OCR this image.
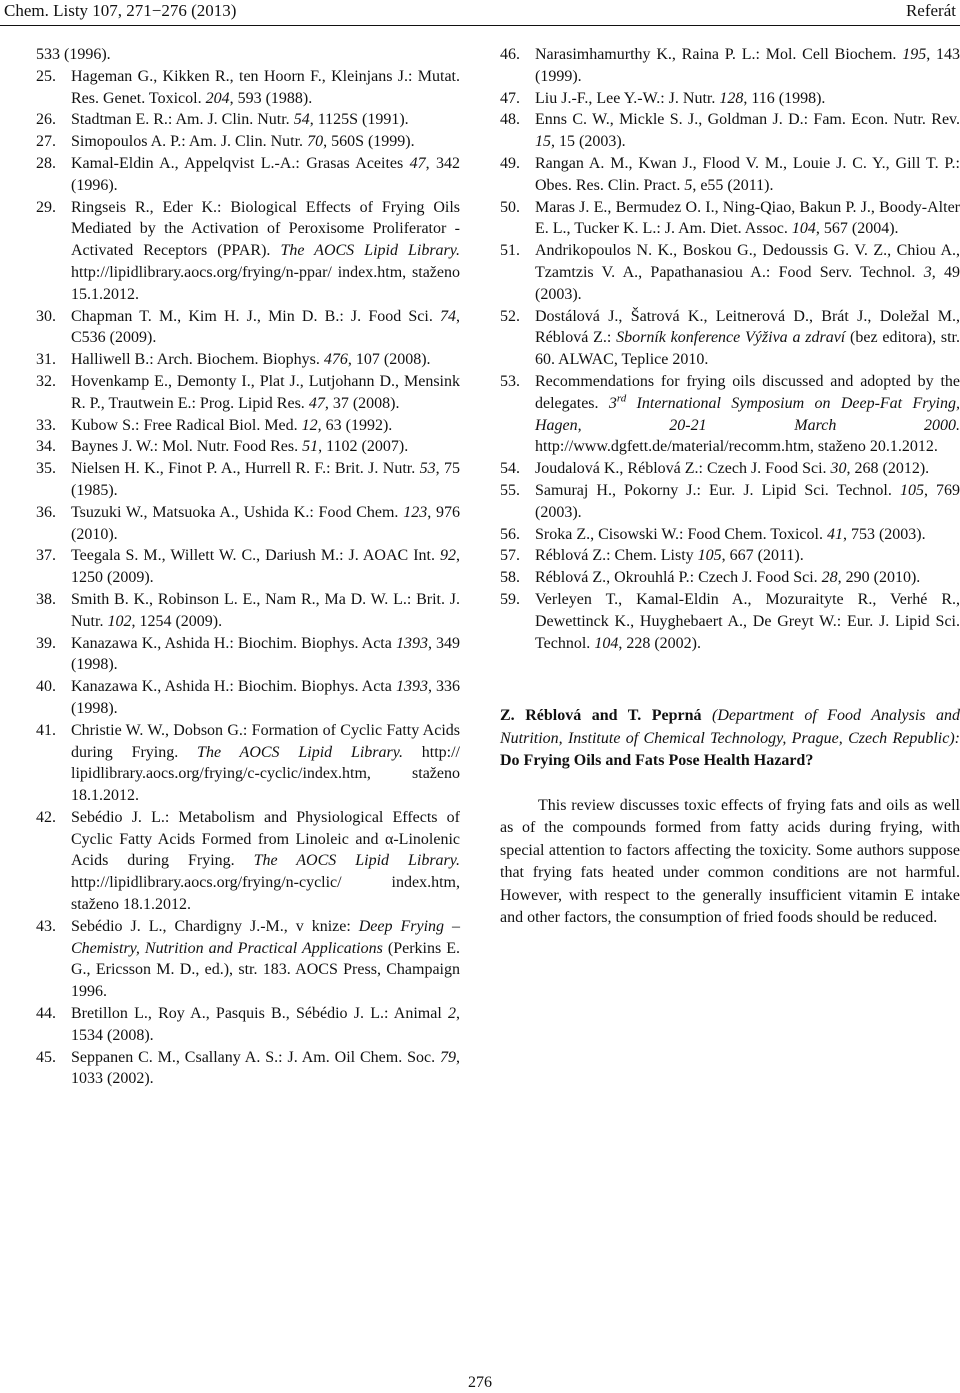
Chem. Listy 107, 271−276 (2013)	Referát
533 (1996).
25. Hageman G., Kikken R., ten Hoorn F., Kleinjans J.: Mutat. Res. Genet. Toxicol. 204, 593 (1988).
26. Stadtman E. R.: Am. J. Clin. Nutr. 54, 1125S (1991).
27. Simopoulos A. P.: Am. J. Clin. Nutr. 70, 560S (1999).
28. Kamal-Eldin A., Appelqvist L.-A.: Grasas Aceites 47, 342 (1996).
29. Ringseis R., Eder K.: Biological Effects of Frying Oils Mediated by the Activation of Peroxisome Proliferator -Activated Receptors (PPAR). The AOCS Lipid Library. http://lipidlibrary.aocs.org/frying/n-ppar/ index.htm, staženo 15.1.2012.
30. Chapman T. M., Kim H. J., Min D. B.: J. Food Sci. 74, C536 (2009).
31. Halliwell B.: Arch. Biochem. Biophys. 476, 107 (2008).
32. Hovenkamp E., Demonty I., Plat J., Lutjohann D., Mensink R. P., Trautwein E.: Prog. Lipid Res. 47, 37 (2008).
33. Kubow S.: Free Radical Biol. Med. 12, 63 (1992).
34. Baynes J. W.: Mol. Nutr. Food Res. 51, 1102 (2007).
35. Nielsen H. K., Finot P. A., Hurrell R. F.: Brit. J. Nutr. 53, 75 (1985).
36. Tsuzuki W., Matsuoka A., Ushida K.: Food Chem. 123, 976 (2010).
37. Teegala S. M., Willett W. C., Dariush M.: J. AOAC Int. 92, 1250 (2009).
38. Smith B. K., Robinson L. E., Nam R., Ma D. W. L.: Brit. J. Nutr. 102, 1254 (2009).
39. Kanazawa K., Ashida H.: Biochim. Biophys. Acta 1393, 349 (1998).
40. Kanazawa K., Ashida H.: Biochim. Biophys. Acta 1393, 336 (1998).
41. Christie W. W., Dobson G.: Formation of Cyclic Fatty Acids during Frying. The AOCS Lipid Library. http:// lipidlibrary.aocs.org/frying/c-cyclic/index.htm, staženo 18.1.2012.
42. Sebédio J. L.: Metabolism and Physiological Effects of Cyclic Fatty Acids Formed from Linoleic and α-Linolenic Acids during Frying. The AOCS Lipid Library. http://lipidlibrary.aocs.org/frying/n-cyclic/ index.htm, staženo 18.1.2012.
43. Sebédio J. L., Chardigny J.-M., v knize: Deep Frying – Chemistry, Nutrition and Practical Applications (Perkins E. G., Ericsson M. D., ed.), str. 183. AOCS Press, Champaign 1996.
44. Bretillon L., Roy A., Pasquis B., Sébédio J. L.: Animal 2, 1534 (2008).
45. Seppanen C. M., Csallany A. S.: J. Am. Oil Chem. Soc. 79, 1033 (2002).
46. Narasimhamurthy K., Raina P. L.: Mol. Cell Biochem. 195, 143 (1999).
47. Liu J.-F., Lee Y.-W.: J. Nutr. 128, 116 (1998).
48. Enns C. W., Mickle S. J., Goldman J. D.: Fam. Econ. Nutr. Rev. 15, 15 (2003).
49. Rangan A. M., Kwan J., Flood V. M., Louie J. C. Y., Gill T. P.: Obes. Res. Clin. Pract. 5, e55 (2011).
50. Maras J. E., Bermudez O. I., Ning-Qiao, Bakun P. J., Boody-Alter E. L., Tucker K. L.: J. Am. Diet. Assoc. 104, 567 (2004).
51. Andrikopoulos N. K., Boskou G., Dedoussis G. V. Z., Chiou A., Tzamtzis V. A., Papathanasiou A.: Food Serv. Technol. 3, 49 (2003).
52. Dostálová J., Šatrová K., Leitnerová D., Brát J., Doležal M., Réblová Z.: Sborník konference Výživa a zdraví (bez editora), str. 60. ALWAC, Teplice 2010.
53. Recommendations for frying oils discussed and adopted by the delegates. 3rd International Symposium on Deep-Fat Frying, Hagen, 20-21 March 2000. http://www.dgfett.de/material/recomm.htm, staženo 20.1.2012.
54. Joudalová K., Réblová Z.: Czech J. Food Sci. 30, 268 (2012).
55. Samuraj H., Pokorny J.: Eur. J. Lipid Sci. Technol. 105, 769 (2003).
56. Sroka Z., Cisowski W.: Food Chem. Toxicol. 41, 753 (2003).
57. Réblová Z.: Chem. Listy 105, 667 (2011).
58. Réblová Z., Okrouhlá P.: Czech J. Food Sci. 28, 290 (2010).
59. Verleyen T., Kamal-Eldin A., Mozuraityte R., Verhé R., Dewettinck K., Huyghebaert A., De Greyt W.: Eur. J. Lipid Sci. Technol. 104, 228 (2002).
Z. Réblová and T. Peprná (Department of Food Analysis and Nutrition, Institute of Chemical Technology, Prague, Czech Republic): Do Frying Oils and Fats Pose Health Hazard?
This review discusses toxic effects of frying fats and oils as well as of the compounds formed from fatty acids during frying, with special attention to factors affecting the toxicity. Some authors suppose that frying fats heated under common conditions are not harmful. However, with respect to the generally insufficient vitamin E intake and other factors, the consumption of fried foods should be reduced.
276
